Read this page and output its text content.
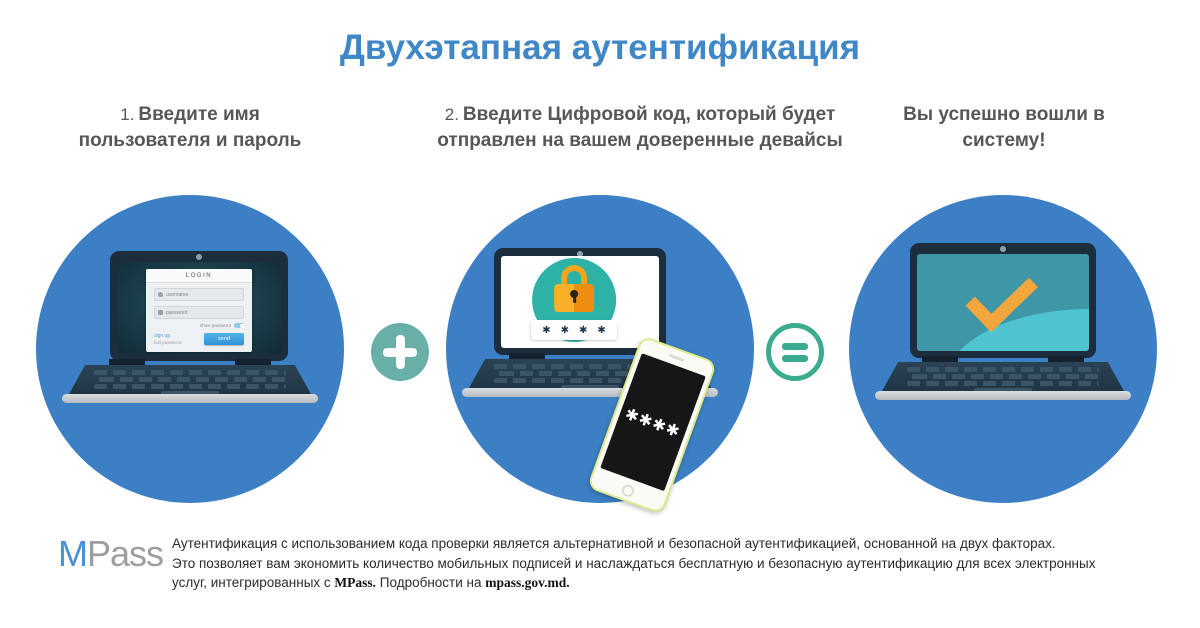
Двухэтапная аутентификация
1. Введите имя пользователя и пароль
2. Введите Цифровой код, который будет отправлен на вашем доверенные девайсы
Вы успешно вошли в систему!
LOGIN
username
password
show password
sign up
lost password
send
✱✱✱✱
✱✱✱✱
MPass Аутентификация с использованием кода проверки является альтернативной и безопасной аутентификацией, основанной на двух факторах.
Это позволяет вам экономить количество мобильных подписей и наслаждаться бесплатную и безопасную аутентификацию для всех электронных
услуг, интегрированных с MPass. Подробности на mpass.gov.md.
